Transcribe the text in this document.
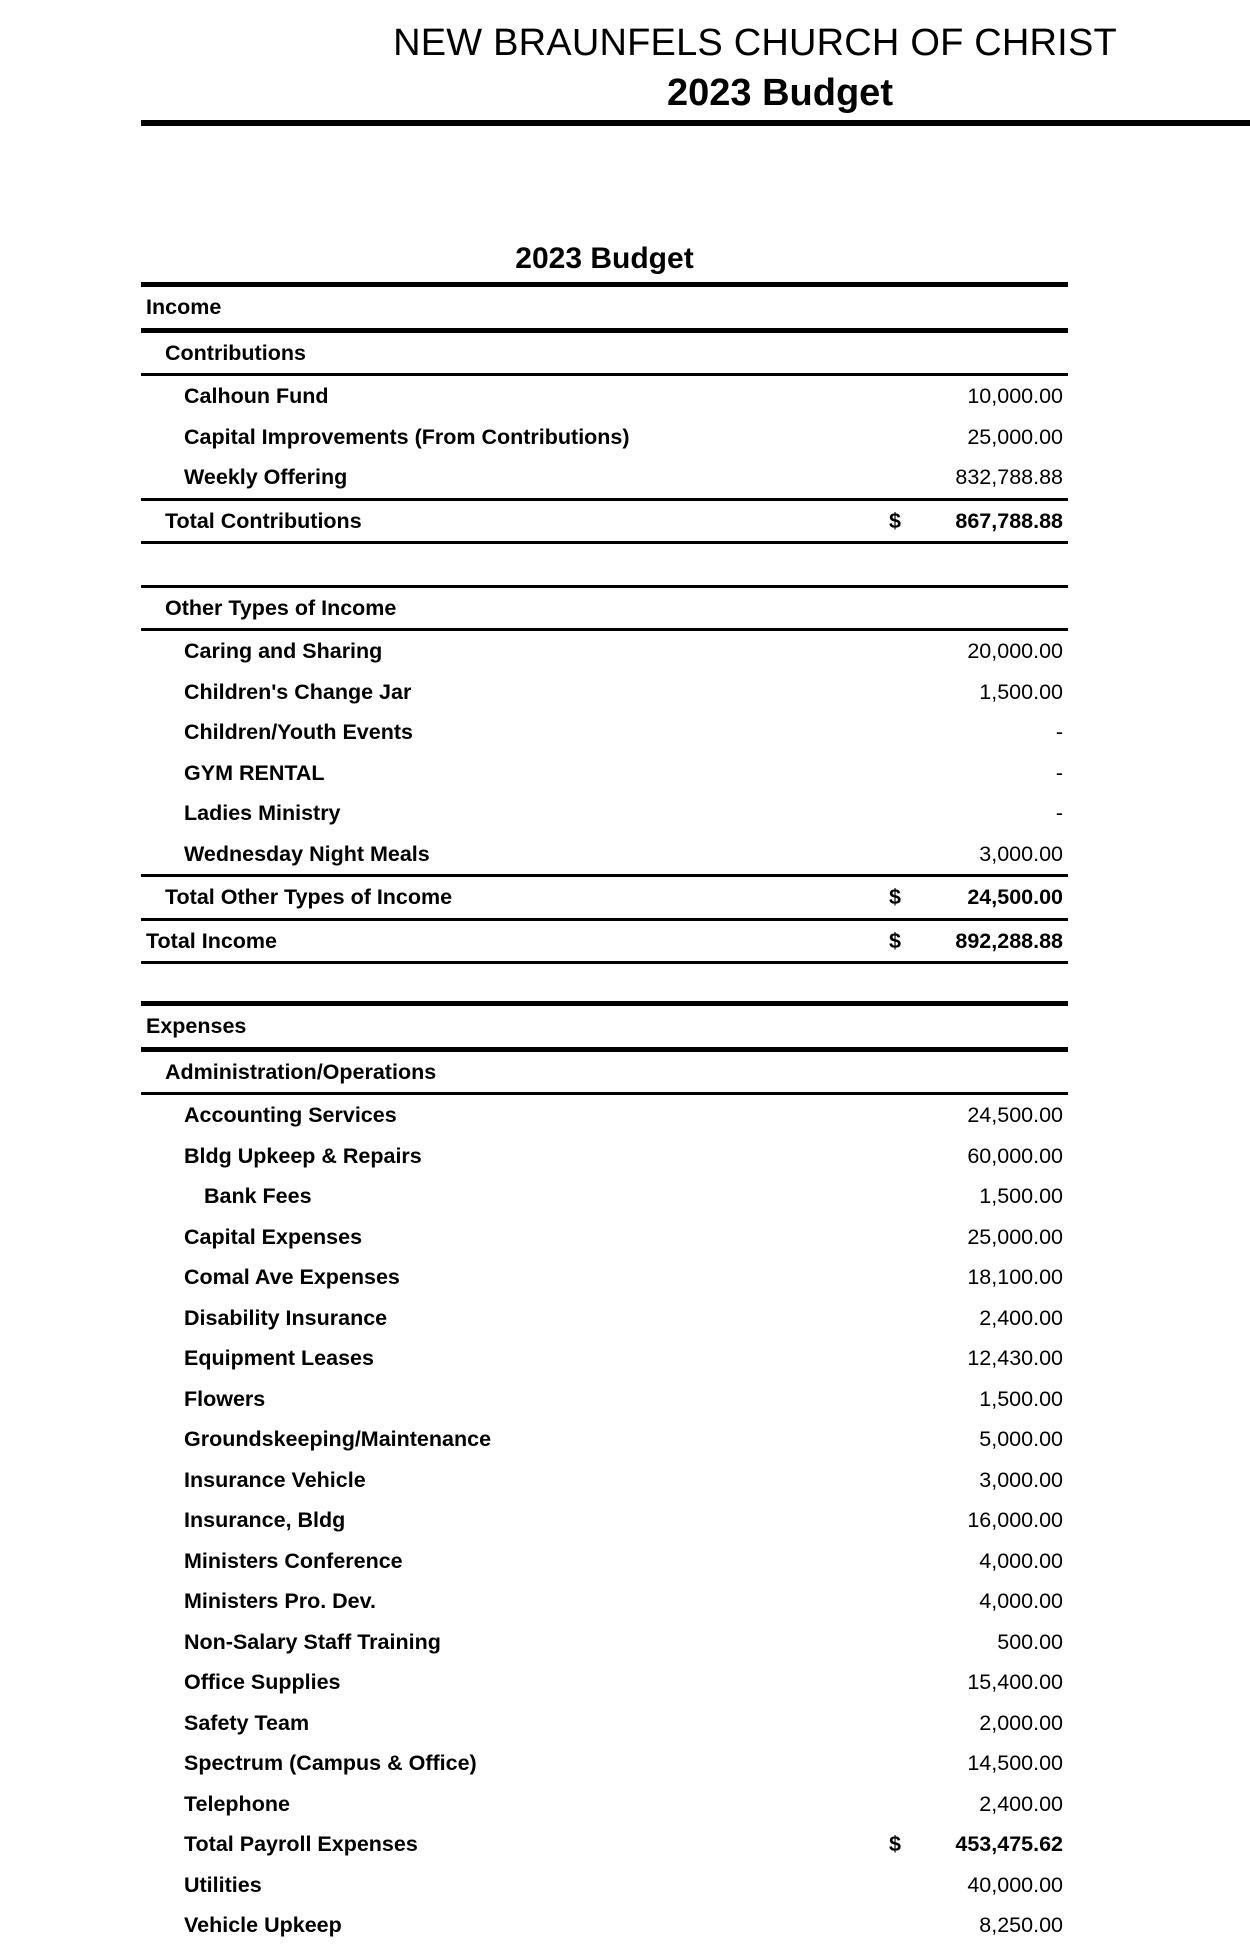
NEW BRAUNFELS CHURCH OF CHRIST
2023 Budget
2023 Budget
Income
Contributions
Calhoun Fund	10,000.00
Capital Improvements (From Contributions)	25,000.00
Weekly Offering	832,788.88
Total Contributions	$	867,788.88
Other Types of Income
Caring and Sharing	20,000.00
Children's Change Jar	1,500.00
Children/Youth Events	-
GYM RENTAL	-
Ladies Ministry	-
Wednesday Night Meals	3,000.00
Total Other Types of Income	$	24,500.00
Total Income	$	892,288.88
Expenses
Administration/Operations
Accounting Services	24,500.00
Bldg Upkeep & Repairs	60,000.00
Bank Fees	1,500.00
Capital Expenses	25,000.00
Comal Ave Expenses	18,100.00
Disability Insurance	2,400.00
Equipment Leases	12,430.00
Flowers	1,500.00
Groundskeeping/Maintenance	5,000.00
Insurance Vehicle	3,000.00
Insurance, Bldg	16,000.00
Ministers Conference	4,000.00
Ministers Pro. Dev.	4,000.00
Non-Salary Staff Training	500.00
Office Supplies	15,400.00
Safety Team	2,000.00
Spectrum (Campus & Office)	14,500.00
Telephone	2,400.00
Total Payroll Expenses	$	453,475.62
Utilities	40,000.00
Vehicle Upkeep	8,250.00
